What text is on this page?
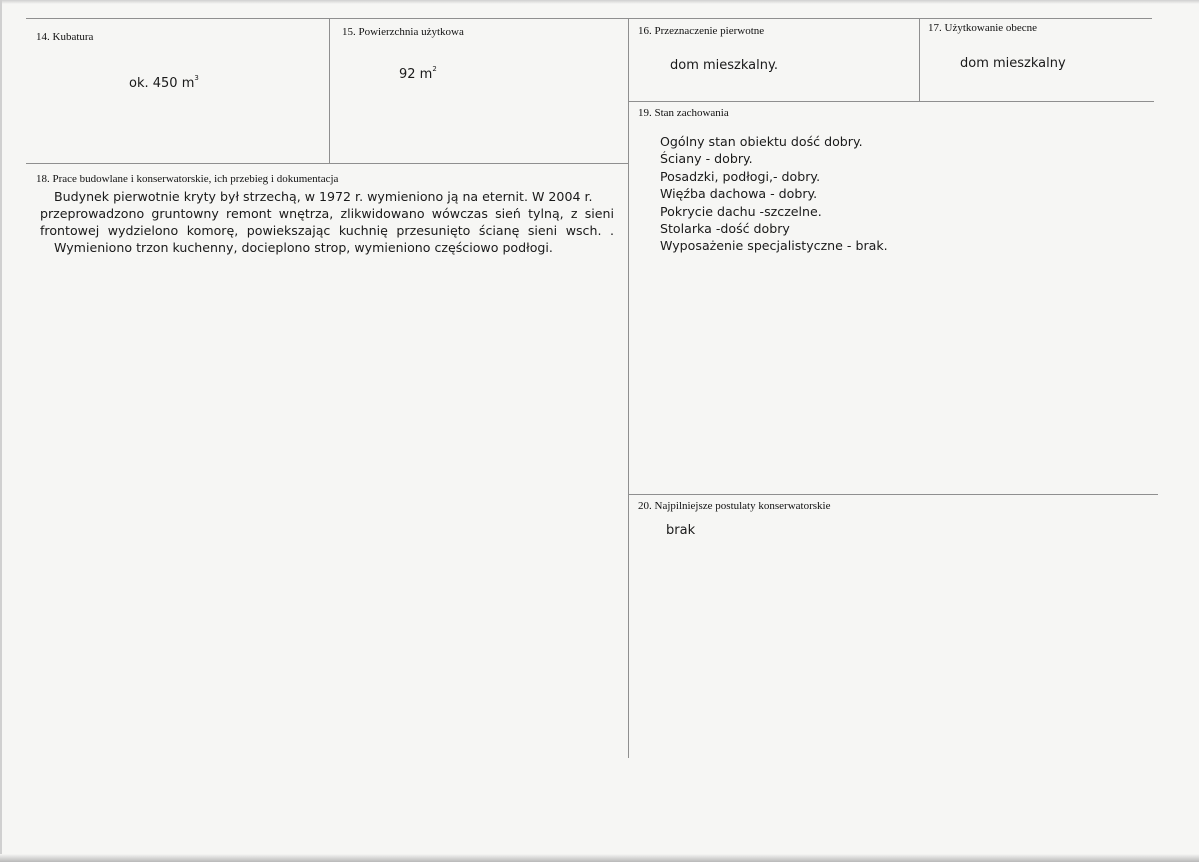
14. Kubatura
ok. 450 $m^3$
15. Powierzchnia użytkowa
92 $m^2$
16. Przeznaczenie pierwotne
dom mieszkalny.
17. Użytkowanie obecne
dom mieszkalny
19. Stan zachowania
Ogólny stan obiektu dość dobry.
Ściany - dobry.
Posadzki, podłogi,- dobry.
Więźba dachowa - dobry.
Pokrycie dachu -szczelne.
Stolarka -dość dobry
Wyposażenie specjalistyczne - brak.
18. Prace budowlane i konserwatorskie, ich przebieg i dokumentacja
Budynek pierwotnie kryty był strzechą, w 1972 r. wymieniono ją na eternit. W 2004 r.
przeprowadzono gruntowny remont wnętrza, zlikwidowano wówczas sień tylną, z sieni
frontowej wydzielono komorę, powiekszając kuchnię przesunięto ścianę sieni wsch. .
Wymieniono trzon kuchenny, docieplono strop, wymieniono częściowo podłogi.
20. Najpilniejsze postulaty konserwatorskie
brak
